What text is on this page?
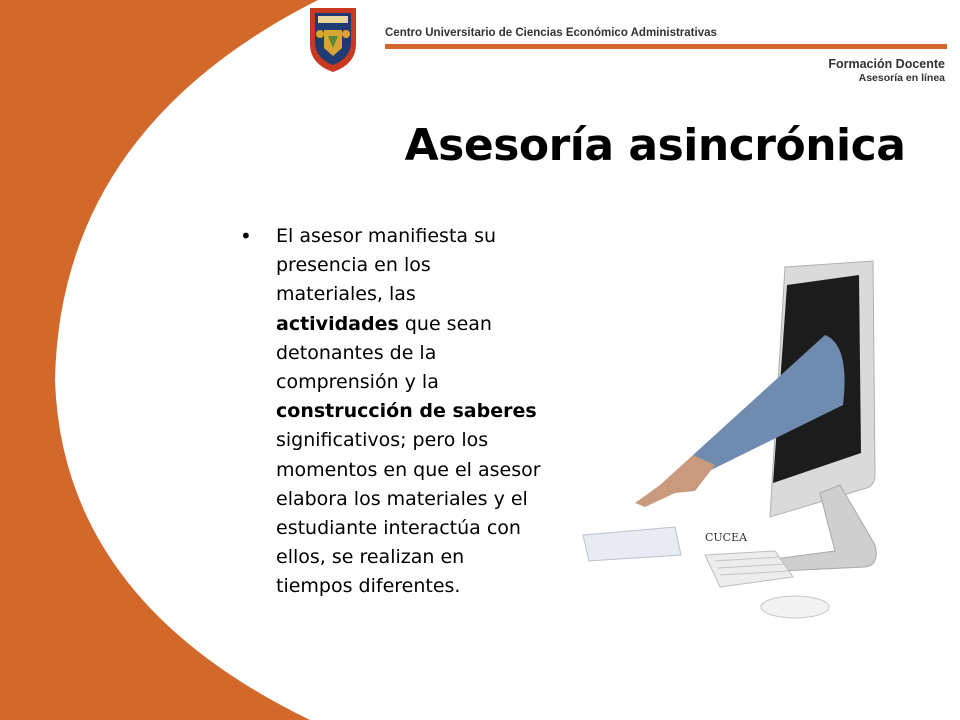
Centro Universitario de Ciencias Económico Administrativas
Formación Docente
Asesoría en línea
Asesoría asincrónica
• El asesor manifiesta su presencia en los materiales, las actividades que sean detonantes de la comprensión y la construcción de saberes significativos; pero los momentos en que el asesor elabora los materiales y el estudiante interactúa con ellos, se realizan en tiempos diferentes.
CUCEA
